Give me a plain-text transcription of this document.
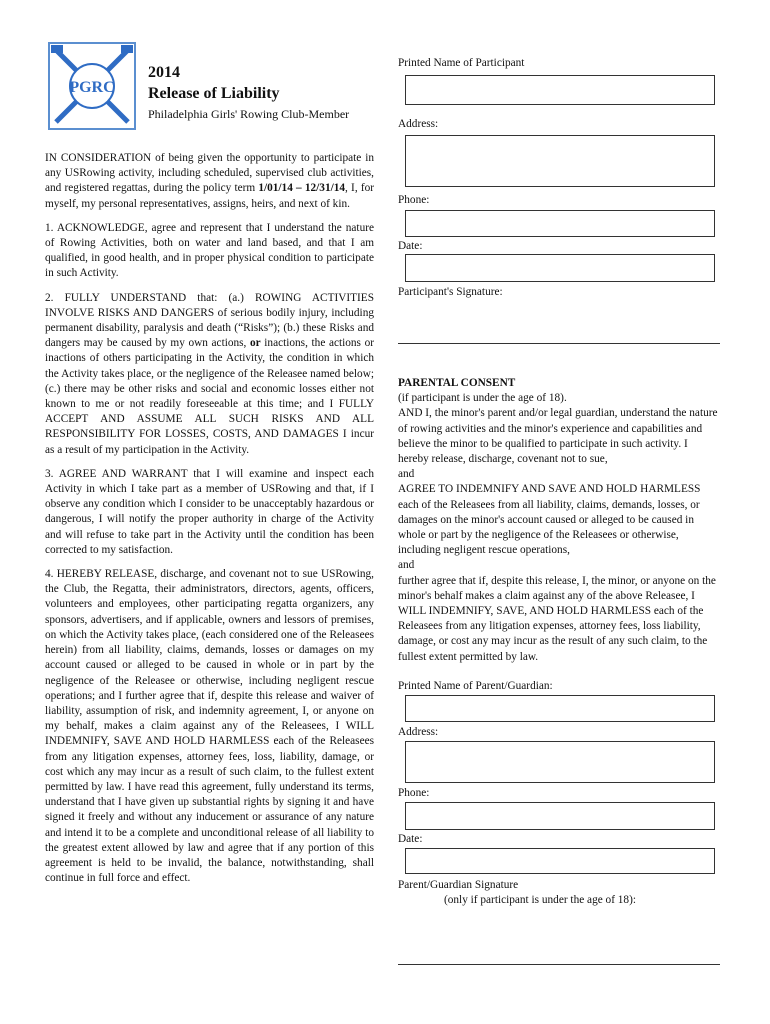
PGRC
2014
Release of Liability
Philadelphia Girls' Rowing Club-Member

IN CONSIDERATION of being given the opportunity to participate in any USRowing activity, including scheduled, supervised club activities, and registered regattas, during the policy term 1/01/14 – 12/31/14, I, for myself, my personal representatives, assigns, heirs, and next of kin.

1. ACKNOWLEDGE, agree and represent that I understand the nature of Rowing Activities, both on water and land based, and that I am qualified, in good health, and in proper physical condition to participate in such Activity.

2. FULLY UNDERSTAND that: (a.) ROWING ACTIVITIES INVOLVE RISKS AND DANGERS of serious bodily injury, including permanent disability, paralysis and death (“Risks”); (b.) these Risks and dangers may be caused by my own actions, or inactions, the actions or inactions of others participating in the Activity, the condition in which the Activity takes place, or the negligence of the Releasee named below; (c.) there may be other risks and social and economic losses either not known to me or not readily foreseeable at this time; and I FULLY ACCEPT AND ASSUME ALL SUCH RISKS AND ALL RESPONSIBILITY FOR LOSSES, COSTS, AND DAMAGES I incur as a result of my participation in the Activity.

3. AGREE AND WARRANT that I will examine and inspect each Activity in which I take part as a member of USRowing and that, if I observe any condition which I consider to be unacceptably hazardous or dangerous, I will notify the proper authority in charge of the Activity and will refuse to take part in the Activity until the condition has been corrected to my satisfaction.

4. HEREBY RELEASE, discharge, and covenant not to sue USRowing, the Club, the Regatta, their administrators, directors, agents, officers, volunteers and employees, other participating regatta organizers, any sponsors, advertisers, and if applicable, owners and lessors of premises, on which the Activity takes place, (each considered one of the Releasees herein) from all liability, claims, demands, losses or damages on my account caused or alleged to be caused in whole or in part by the negligence of the Releasee or otherwise, including negligent rescue operations; and I further agree that if, despite this release and waiver of liability, assumption of risk, and indemnity agreement, I, or anyone on my behalf, makes a claim against any of the Releasees, I WILL INDEMNIFY, SAVE AND HOLD HARMLESS each of the Releasees from any litigation expenses, attorney fees, loss, liability, damage, or cost which any may incur as a result of such claim, to the fullest extent permitted by law. I have read this agreement, fully understand its terms, understand that I have given up substantial rights by signing it and have signed it freely and without any inducement or assurance of any nature and intend it to be a complete and unconditional release of all liability to the greatest extent allowed by law and agree that if any portion of this agreement is held to be invalid, the balance, notwithstanding, shall continue in full force and effect.

Printed Name of Participant
Address:
Phone:
Date:
Participant's Signature:

PARENTAL CONSENT

(if participant is under the age of 18).

AND I, the minor's parent and/or legal guardian, understand the nature of rowing activities and the minor's experience and capabilities and believe the minor to be qualified to participate in such activity. I hereby release, discharge, covenant not to sue,

and

AGREE TO INDEMNIFY AND SAVE AND HOLD HARMLESS each of the Releasees from all liability, claims, demands, losses, or damages on the minor's account caused or alleged to be caused in whole or part by the negligence of the Releasees or otherwise, including negligent rescue operations,

and

further agree that if, despite this release, I, the minor, or anyone on the minor's behalf makes a claim against any of the above Releasee, I WILL INDEMNIFY, SAVE, AND HOLD HARMLESS each of the Releasees from any litigation expenses, attorney fees, loss liability, damage, or cost any may incur as the result of any such claim, to the fullest extent permitted by law.

Printed Name of Parent/Guardian:
Address:
Phone:
Date:
Parent/Guardian Signature
(only if participant is under the age of 18):
